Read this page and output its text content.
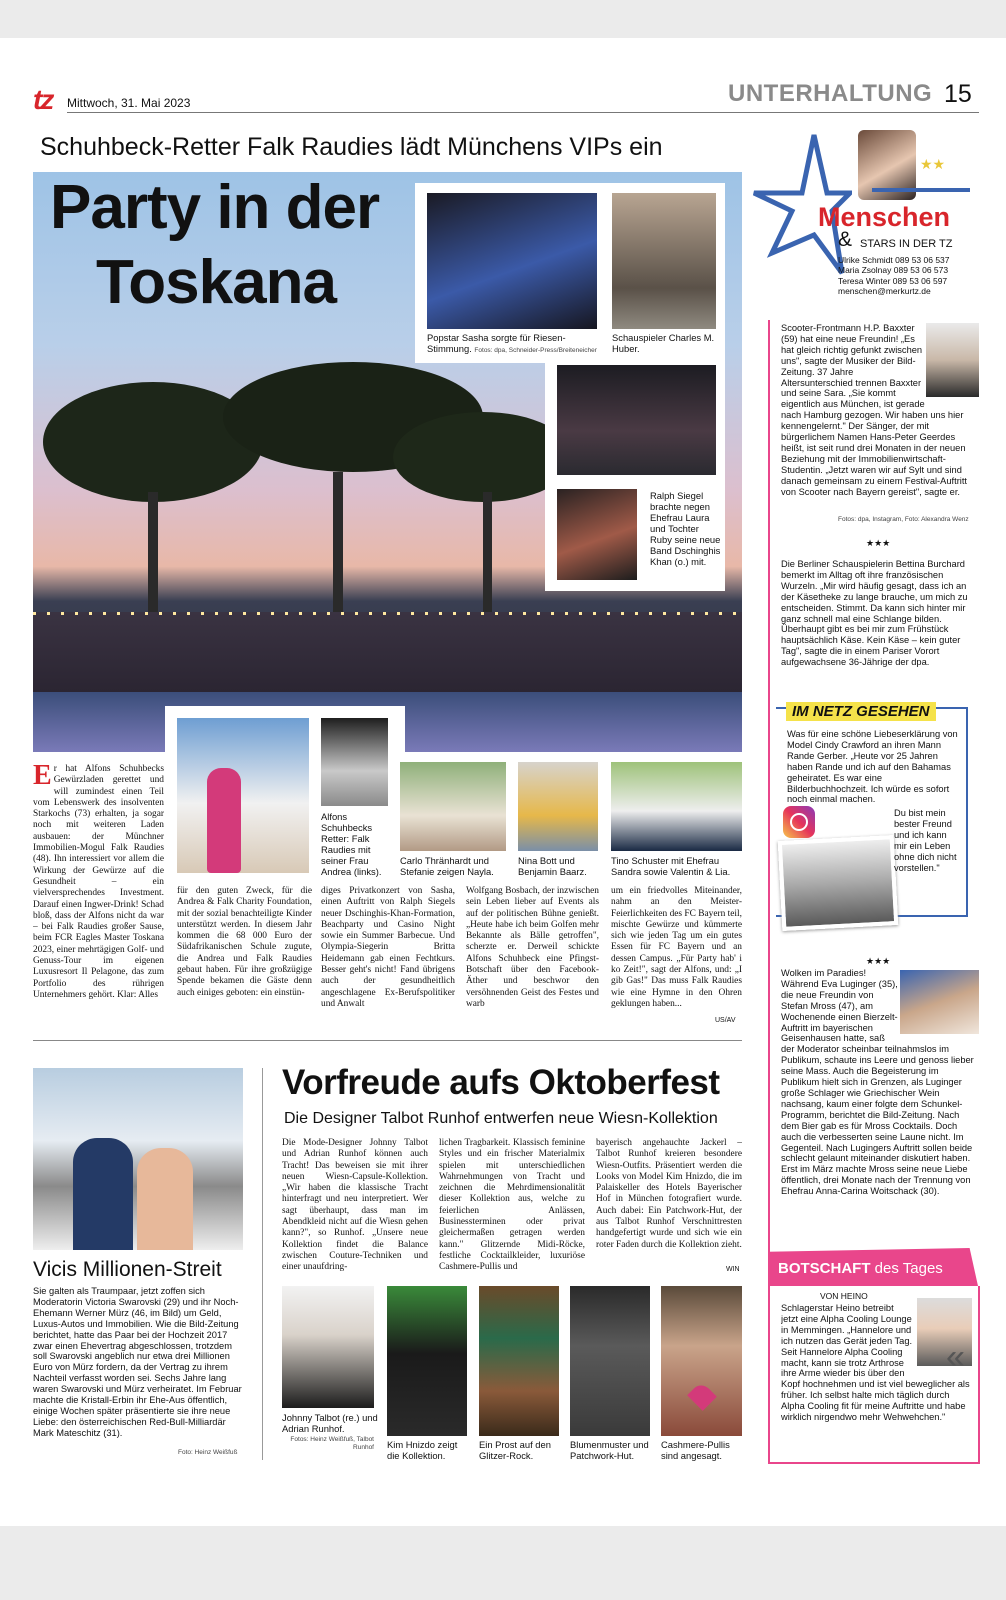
tz Mittwoch, 31. Mai 2023	UNTERHALTUNG 15
Schuhbeck-Retter Falk Raudies lädt Münchens VIPs ein
Party in der
Toskana
Popstar Sasha sorgte für Riesen-Stimmung. Fotos: dpa, Schneider-Press/Breiteneicher
Schauspieler Charles M. Huber.
Ralph Siegel brachte negen Ehefrau Laura und Tochter Ruby seine neue Band Dschinghis Khan (o.) mit.
Alfons Schuhbecks Retter: Falk Raudies mit seiner Frau Andrea (links).
Carlo Thränhardt und Stefanie zeigen Nayla.
Nina Bott und Benjamin Baarz.
Tino Schuster mit Ehefrau Sandra sowie Valentin & Lia.
Er hat Alfons Schuhbecks Gewürzladen gerettet und will zumindest einen Teil vom Lebenswerk des insolventen Starkochs (73) erhalten, ja sogar noch mit weiteren Laden ausbauen: der Münchner Immobilien-Mogul Falk Raudies (48). Ihn interessiert vor allem die Wirkung der Gewürze auf die Gesundheit – ein vielversprechendes Investment. Darauf einen Ingwer-Drink! Schad bloß, dass der Alfons nicht da war – bei Falk Raudies großer Sause, beim FCR Eagles Master Toskana 2023, einer mehrtägigen Golf- und Genuss-Tour im eigenen Luxusresort Il Pelagone, das zum Portfolio des rührigen Unternehmers gehört. Klar: Alles
für den guten Zweck, für die Andrea & Falk Charity Foundation, mit der sozial benachteiligte Kinder unterstützt werden. In diesem Jahr kommen die 68 000 Euro der Südafrikanischen Schule zugute, die Andrea und Falk Raudies gebaut haben. Für ihre großzügige Spende bekamen die Gäste denn auch einiges geboten: ein einstün-
diges Privatkonzert von Sasha, einen Auftritt von Ralph Siegels neuer Dschinghis-Khan-Formation, Beachparty und Casino Night sowie ein Summer Barbecue. Und Olympia-Siegerin Britta Heidemann gab einen Fechtkurs. Besser geht's nicht! Fand übrigens auch der gesundheitlich angeschlagene Ex-Berufspolitiker und Anwalt
Wolfgang Bosbach, der inzwischen sein Leben lieber auf Events als auf der politischen Bühne genießt. „Heute habe ich beim Golfen mehr Bekannte als Bälle getroffen", scherzte er. Derweil schickte Alfons Schuhbeck eine Pfingst-Botschaft über den Facebook-Äther und beschwor den versöhnenden Geist des Festes und warb
um ein friedvolles Miteinander, nahm an den Meister-Feierlichkeiten des FC Bayern teil, mischte Gewürze und kümmerte sich wie jeden Tag um ein gutes Essen für FC Bayern und an dessen Campus. „Für Party hab' i ko Zeit!", sagt der Alfons, und: „I gib Gas!" Das muss Falk Raudies wie eine Hymne in den Ohren geklungen haben...
US/AV
★★
Menschen
& STARS IN DER TZ
Ulrike Schmidt 089 53 06 537
Maria Zsolnay 089 53 06 573
Teresa Winter 089 53 06 597
menschen@merkurtz.de
Scooter-Frontmann H.P. Baxxter (59) hat eine neue Freundin! „Es hat gleich richtig gefunkt zwischen uns", sagte der Musiker der Bild-Zeitung. 37 Jahre Altersunterschied trennen Baxxter und seine Sara. „Sie kommt eigentlich aus München, ist gerade nach Hamburg gezogen. Wir haben uns hier kennengelernt." Der Sänger, der mit bürgerlichem Namen Hans-Peter Geerdes heißt, ist seit rund drei Monaten in der neuen Beziehung mit der Immobilienwirtschaft-Studentin. „Jetzt waren wir auf Sylt und sind danach gemeinsam zu einem Festival-Auftritt von Scooter nach Bayern gereist", sagte er.
Fotos: dpa, Instagram, Foto: Alexandra Wenz
★★★
Die Berliner Schauspielerin Bettina Burchard bemerkt im Alltag oft ihre französischen Wurzeln. „Mir wird häufig gesagt, dass ich an der Käsetheke zu lange brauche, um mich zu entscheiden. Stimmt. Da kann sich hinter mir ganz schnell mal eine Schlange bilden. Überhaupt gibt es bei mir zum Frühstück hauptsächlich Käse. Kein Käse – kein guter Tag", sagte die in einem Pariser Vorort aufgewachsene 36-Jährige der dpa.
IM NETZ GESEHEN
Was für eine schöne Liebeserklärung von Model Cindy Crawford an ihren Mann Rande Gerber. „Heute vor 25 Jahren haben Rande und ich auf den Bahamas geheiratet. Es war eine Bilderbuchhochzeit. Ich würde es sofort noch einmal machen.
Du bist mein bester Freund und ich kann mir ein Leben ohne dich nicht vorstellen."
★★★
Wolken im Paradies! Während Eva Luginger (35), die neue Freundin von Stefan Mross (47), am Wochenende einen Bierzelt-Auftritt im bayerischen Geisenhausen hatte, saß der Moderator scheinbar teilnahmslos im Publikum, schaute ins Leere und genoss lieber seine Mass. Auch die Begeisterung im Publikum hielt sich in Grenzen, als Luginger große Schlager wie Griechischer Wein nachsang, kaum einer folgte dem Schunkel-Programm, berichtet die Bild-Zeitung. Nach dem Bier gab es für Mross Cocktails. Doch auch die verbesserten seine Laune nicht. Im Gegenteil. Nach Lugingers Auftritt sollen beide schlecht gelaunt miteinander diskutiert haben. Erst im März machte Mross seine neue Liebe öffentlich, drei Monate nach der Trennung von Ehefrau Anna-Carina Woitschack (30).
BOTSCHAFT des Tages
VON HEINO
«
Schlagerstar Heino betreibt jetzt eine Alpha Cooling Lounge in Memmingen. „Hannelore und ich nutzen das Gerät jeden Tag. Seit Hannelore Alpha Cooling macht, kann sie trotz Arthrose ihre Arme wieder bis über den Kopf hochnehmen und ist viel beweglicher als früher. Ich selbst halte mich täglich durch Alpha Cooling fit für meine Auftritte und habe wirklich nirgendwo mehr Wehwehchen."
Vicis Millionen-Streit
Sie galten als Traumpaar, jetzt zoffen sich Moderatorin Victoria Swarovski (29) und ihr Noch-Ehemann Werner Mürz (46, im Bild) um Geld, Luxus-Autos und Immobilien. Wie die Bild-Zeitung berichtet, hatte das Paar bei der Hochzeit 2017 zwar einen Ehevertrag abgeschlossen, trotzdem soll Swarovski angeblich nur etwa drei Millionen Euro von Mürz fordern, da der Vertrag zu ihrem Nachteil verfasst worden sei. Sechs Jahre lang waren Swarovski und Mürz verheiratet. Im Februar machte die Kristall-Erbin ihr Ehe-Aus öffentlich, einige Wochen später präsentierte sie ihre neue Liebe: den österreichischen Red-Bull-Milliardär Mark Mateschitz (31).
Foto: Heinz Weißfuß
Vorfreude aufs Oktoberfest
Die Designer Talbot Runhof entwerfen neue Wiesn-Kollektion
Die Mode-Designer Johnny Talbot und Adrian Runhof können auch Tracht! Das beweisen sie mit ihrer neuen Wiesn-Capsule-Kollektion. „Wir haben die klassische Tracht hinterfragt und neu interpretiert. Wer sagt überhaupt, dass man im Abendkleid nicht auf die Wiesn gehen kann?", so Runhof. „Unsere neue Kollektion findet die Balance zwischen Couture-Techniken und einer unaufdring-
lichen Tragbarkeit. Klassisch feminine Styles und ein frischer Materialmix spielen mit unterschiedlichen Wahrnehmungen von Tracht und zeichnen die Mehrdimensionalität dieser Kollektion aus, welche zu feierlichen Anlässen, Businessterminen oder privat gleichermaßen getragen werden kann." Glitzernde Midi-Röcke, festliche Cocktailkleider, luxuriöse Cashmere-Pullis und
bayerisch angehauchte Jackerl – Talbot Runhof kreieren besondere Wiesn-Outfits. Präsentiert werden die Looks von Model Kim Hnizdo, die im Palaiskeller des Hotels Bayerischer Hof in München fotografiert wurde. Auch dabei: Ein Patchwork-Hut, der aus Talbot Runhof Verschnittresten handgefertigt wurde und sich wie ein roter Faden durch die Kollektion zieht.
WIN
Johnny Talbot (re.) und Adrian Runhof.
Fotos: Heinz Weißfuß, Talbot Runhof Kim Hnizdo zeigt die Kollektion.
Ein Prost auf den Glitzer-Rock.
Blumenmuster und Patchwork-Hut.
Cashmere-Pullis sind angesagt.
